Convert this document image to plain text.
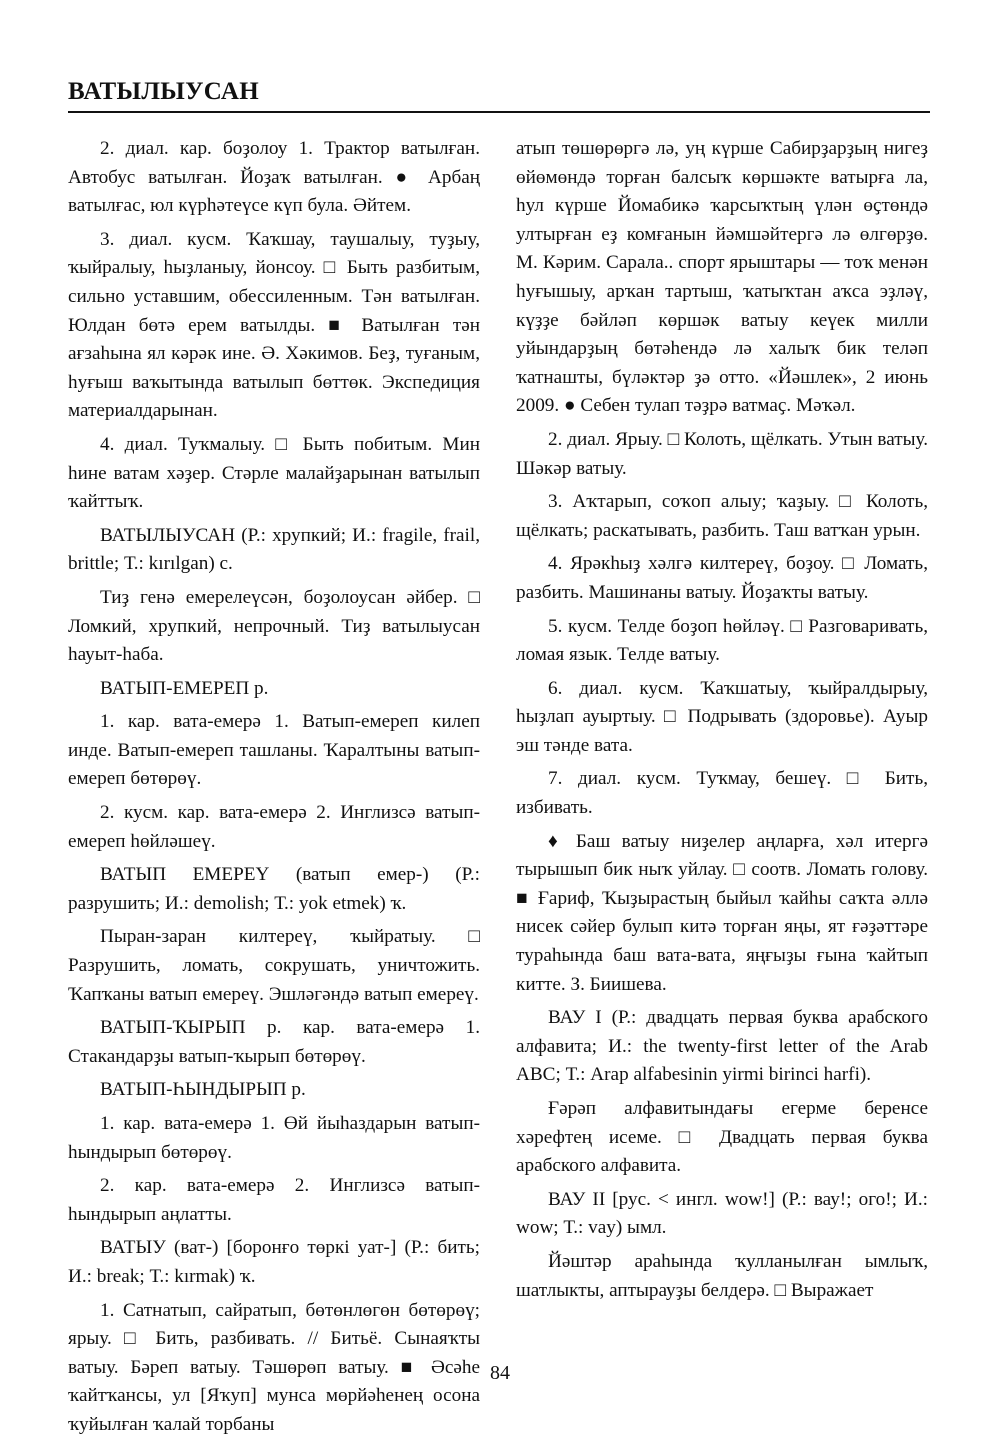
ВАТЫЛЫУСАН

2. диал. кар. боҙолоу 1. Трактор ватылған. Автобус ватылған. Йоҙаҡ ватылған. ● Арбаң ватылғас, юл күрһәтеүсе күп була. Әйтем.

3. диал. кусм. Ҡаҡшау, таушалыу, туҙыу, ҡыйралыу, һыҙланыу, йонсоу. □ Быть разбитым, сильно уставшим, обессиленным. Тән ватылған. Юлдан бөтә ерем ватылды. ■ Ватылған тән ағзаһына ял кәрәк ине. Ә. Хәкимов. Беҙ, туғаным, һуғыш ваҡытында ватылып бөттөк. Экспедиция материалдарынан.

4. диал. Туҡмалыу. □ Быть побитым. Мин һине ватам хәҙер. Стәрле малайҙарынан ватылып ҡайттыҡ.

ВАТЫЛЫУСАН (Р.: хрупкий; И.: fragile, frail, brittle; Т.: kırılgan) с.

Тиҙ генә емерелеүсән, боҙолоусан әйбер. □ Ломкий, хрупкий, непрочный. Тиҙ ватылыусан һауыт-һаба.

ВАТЫП-ЕМЕРЕП р.

1. кар. вата-емерә 1. Ватып-емереп килеп инде. Ватып-емереп ташланы. Ҡаралтыны ватып-емереп бөтөрөү.

2. кусм. кар. вата-емерә 2. Инглизсә ватып-емереп һөйләшеү.

ВАТЫП ЕМЕРЕҮ (ватып емер-) (Р.: разрушить; И.: demolish; Т.: yok etmek) ҡ.

Пыран-заран килтереү, ҡыйратыу. □ Разрушить, ломать, сокрушать, уничтожить. Ҡапҡаны ватып емереү. Эшләгәндә ватып емереү.

ВАТЫП-ҠЫРЫП р. кар. вата-емерә 1. Стакандарҙы ватып-ҡырып бөтөрөү.

ВАТЫП-ҺЫНДЫРЫП р.

1. кар. вата-емерә 1. Өй йыһаздарын ватып-һындырып бөтөрөү.

2. кар. вата-емерә 2. Инглизсә ватып-һындырып аңлатты.

ВАТЫУ (ват-) [боронғо төркі уат-] (Р.: бить; И.: break; Т.: kırmak) ҡ.

1. Сатнатып, сайратып, бөтөнлөгөн бөтөрөү; ярыу. □ Бить, разбивать. // Битьё. Сынаяҡты ватыу. Бәреп ватыу. Тәшөрөп ватыу. ■ Әсәһе ҡайтҡансы, ул [Яҡуп] мунса мөрйәһенең осона ҡуйылған ҡалай торбаны

атып төшөрөргә лә, уң күрше Сабирҙарҙың нигеҙ өйөмөндә торған балсыҡ көршәкте ватырға ла, һул күрше Йомабикә ҡарсыҡтың үлән өҫтөндә ултырған еҙ комғанын йәмшәйтергә лә өлгөрҙө. М. Кәрим. Сарала.. спорт ярыштары — тоҡ менән һуғышыу, арҡан тартыш, ҡатыҡтан аҡса эҙләү, күҙҙе бәйләп көршәк ватыу кеүек милли уйындарҙың бөтәһендә лә халыҡ бик теләп ҡатнашты, бүләктәр ҙә отто. «Йәшлек», 2 июнь 2009. ● Себен тулап тәҙрә ватмаҫ. Мәҡәл.

2. диал. Ярыу. □ Колоть, щёлкать. Утын ватыу. Шәкәр ватыу.

3. Аҡтарып, соҡоп алыу; ҡаҙыу. □ Колоть, щёлкать; раскатывать, разбить. Таш ватҡан урын.

4. Ярәкһыҙ хәлгә килтереү, боҙоу. □ Ломать, разбить. Машинаны ватыу. Йоҙаҡты ватыу.

5. кусм. Телде боҙоп һөйләү. □ Разговаривать, ломая язык. Телде ватыу.

6. диал. кусм. Ҡаҡшатыу, ҡыйралдырыу, һыҙлап ауыртыу. □ Подрывать (здоровье). Ауыр эш тәнде вата.

7. диал. кусм. Туҡмау, бешеү. □ Бить, избивать.

♦ Баш ватыу ниҙелер аңларға, хәл итергә тырышып бик ныҡ уйлау. □ соотв. Ломать голову. ■ Ғариф, Ҡыҙырастың быйыл ҡайһы саҡта әллә нисек сәйер булып китә торған яңы, ят ғәҙәттәре тураһында баш вата-вата, яңғыҙы ғына ҡайтып китте. З. Биишева.

ВАУ I (Р.: двадцать первая буква арабского алфавита; И.: the twenty-first letter of the Arab ABC; Т.: Arap alfabesinin yirmi birinci harfi).

Ғәрәп алфавитындағы егерме беренсе хәрефтең исеме. □ Двадцать первая буква арабского алфавита.

ВАУ II [рус. < ингл. wow!] (Р.: вау!; ого!; И.: wow; Т.: vay) ымл.

Йәштәр араһында ҡулланылған ымлыҡ, шатлыкты, аптырауҙы белдерә. □ Выражает

84
